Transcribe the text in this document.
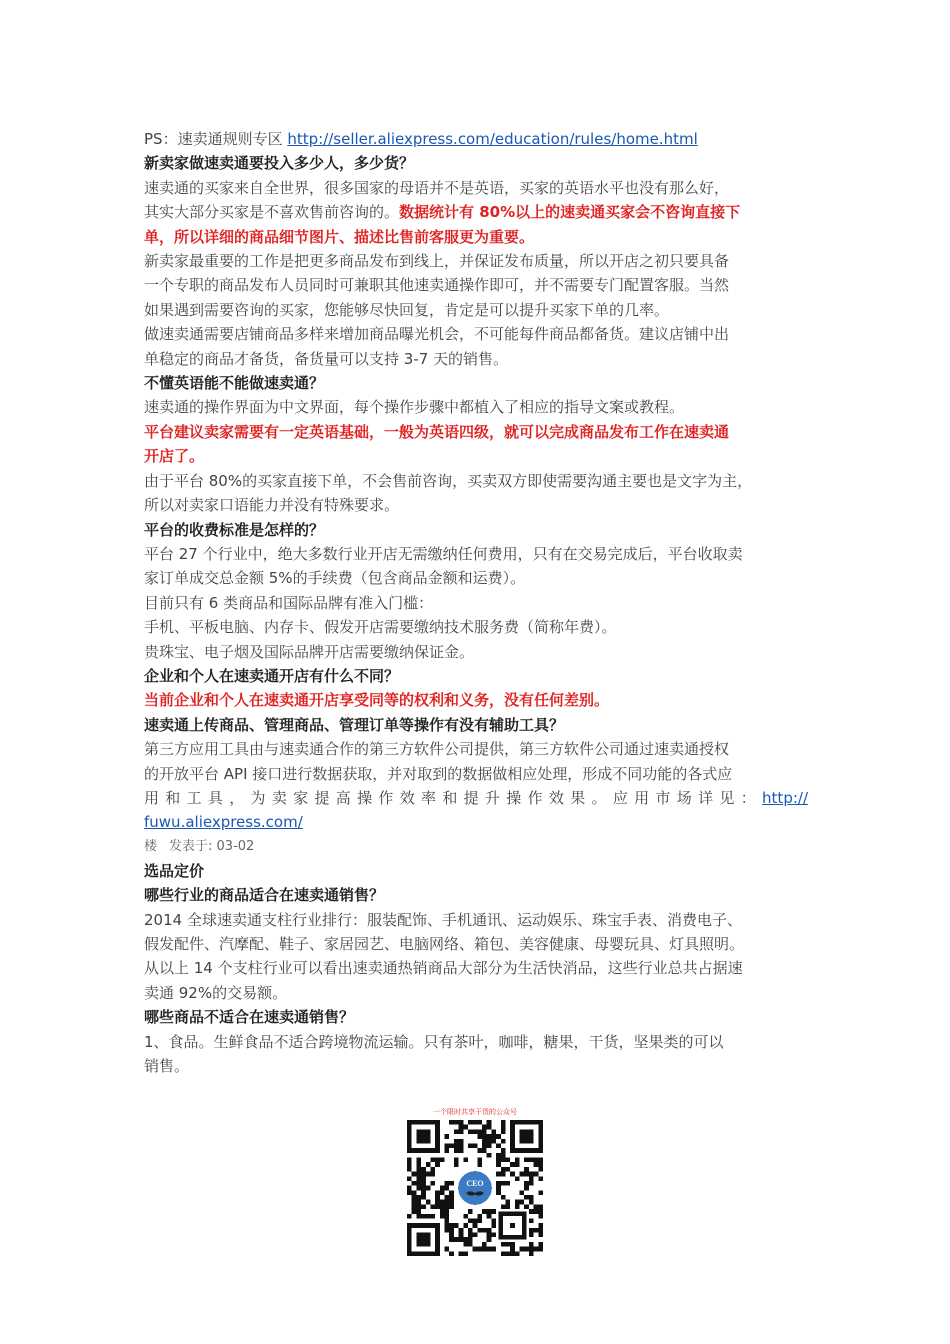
PS：速卖通规则专区 http://seller.aliexpress.com/education/rules/home.html
新卖家做速卖通要投入多少人，多少货？
速卖通的买家来自全世界，很多国家的母语并不是英语，买家的英语水平也没有那么好，
其实大部分买家是不喜欢售前咨询的。数据统计有 80%以上的速卖通买家会不咨询直接下
单，所以详细的商品细节图片、描述比售前客服更为重要。
新卖家最重要的工作是把更多商品发布到线上，并保证发布质量，所以开店之初只要具备
一个专职的商品发布人员同时可兼职其他速卖通操作即可，并不需要专门配置客服。当然
如果遇到需要咨询的买家，您能够尽快回复，肯定是可以提升买家下单的几率。
做速卖通需要店铺商品多样来增加商品曝光机会，不可能每件商品都备货。建议店铺中出
单稳定的商品才备货，备货量可以支持 3-7 天的销售。
不懂英语能不能做速卖通？
速卖通的操作界面为中文界面，每个操作步骤中都植入了相应的指导文案或教程。
平台建议卖家需要有一定英语基础，一般为英语四级，就可以完成商品发布工作在速卖通
开店了。
由于平台 80%的买家直接下单，不会售前咨询，买卖双方即使需要沟通主要也是文字为主，
所以对卖家口语能力并没有特殊要求。
平台的收费标准是怎样的？
平台 27 个行业中，绝大多数行业开店无需缴纳任何费用，只有在交易完成后，平台收取卖
家订单成交总金额 5%的手续费（包含商品金额和运费）。
目前只有 6 类商品和国际品牌有准入门槛：
手机、平板电脑、内存卡、假发开店需要缴纳技术服务费（简称年费）。
贵珠宝、电子烟及国际品牌开店需要缴纳保证金。
企业和个人在速卖通开店有什么不同？
当前企业和个人在速卖通开店享受同等的权利和义务，没有任何差别。
速卖通上传商品、管理商品、管理订单等操作有没有辅助工具？
第三方应用工具由与速卖通合作的第三方软件公司提供，第三方软件公司通过速卖通授权
的开放平台 API 接口进行数据获取，并对取到的数据做相应处理，形成不同功能的各式应
用 和 工 具 ， 为 卖 家 提 高 操 作 效 率 和 提 升 操 作 效 果 。 应 用 市 场 详 见 ： http://
fuwu.aliexpress.com/
楼 发表于: 03-02
选品定价
哪些行业的商品适合在速卖通销售？
2014 全球速卖通支柱行业排行：服装配饰、手机通讯、运动娱乐、珠宝手表、消费电子、
假发配件、汽摩配、鞋子、家居园艺、电脑网络、箱包、美容健康、母婴玩具、灯具照明。
从以上 14 个支柱行业可以看出速卖通热销商品大部分为生活快消品，这些行业总共占据速
卖通 92%的交易额。
哪些商品不适合在速卖通销售？
1、食品。生鲜食品不适合跨境物流运输。只有茶叶，咖啡，糖果，干货，坚果类的可以
销售。
一个限时共享干货的公众号
CEO
